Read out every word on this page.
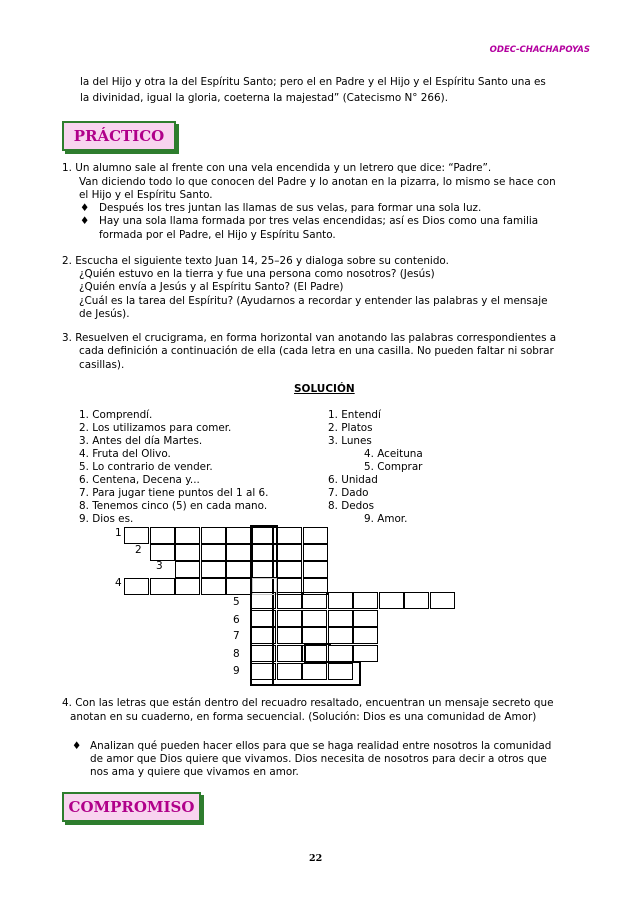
ODEC-CHACHAPOYAS
la del Hijo y otra la del Espíritu Santo; pero el en Padre y el Hijo y el Espíritu Santo una es
la divinidad, igual la gloria, coeterna la majestad” (Catecismo N° 266).
PRÁCTICO
1. Un alumno sale al frente con una vela encendida y un letrero que dice: “Padre”.
Van diciendo todo lo que conocen del Padre y lo anotan en la pizarra, lo mismo se hace con
el Hijo y el Espíritu Santo.
♦ Después los tres juntan las llamas de sus velas, para formar una sola luz.
♦ Hay una sola llama formada por tres velas encendidas; así es Dios como una familia
formada por el Padre, el Hijo y Espíritu Santo.
2. Escucha el siguiente texto Juan 14, 25–26 y dialoga sobre su contenido.
¿Quién estuvo en la tierra y fue una persona como nosotros? (Jesús)
¿Quién envía a Jesús y al Espíritu Santo? (El Padre)
¿Cuál es la tarea del Espíritu? (Ayudarnos a recordar y entender las palabras y el mensaje
de Jesús).
3. Resuelven el crucigrama, en forma horizontal van anotando las palabras correspondientes a
cada definición a continuación de ella (cada letra en una casilla. No pueden faltar ni sobrar
casillas).
SOLUCIÓN
1. Comprendí.
2. Los utilizamos para comer.
3. Antes del día Martes.
4. Fruta del Olivo.
5. Lo contrario de vender.
6. Centena, Decena y...
7. Para jugar tiene puntos del 1 al 6.
8. Tenemos cinco (5) en cada mano.
9. Dios es.
1. Entendí
2. Platos
3. Lunes
4. Aceituna
5. Comprar
6. Unidad
7. Dado
8. Dedos
9. Amor.
1
2
3
4
5
6
7
8
9
4. Con las letras que están dentro del recuadro resaltado, encuentran un mensaje secreto que
anotan en su cuaderno, en forma secuencial. (Solución: Dios es una comunidad de Amor)
♦ Analizan qué pueden hacer ellos para que se haga realidad entre nosotros la comunidad
de amor que Dios quiere que vivamos. Dios necesita de nosotros para decir a otros que
nos ama y quiere que vivamos en amor.
COMPROMISO
22
